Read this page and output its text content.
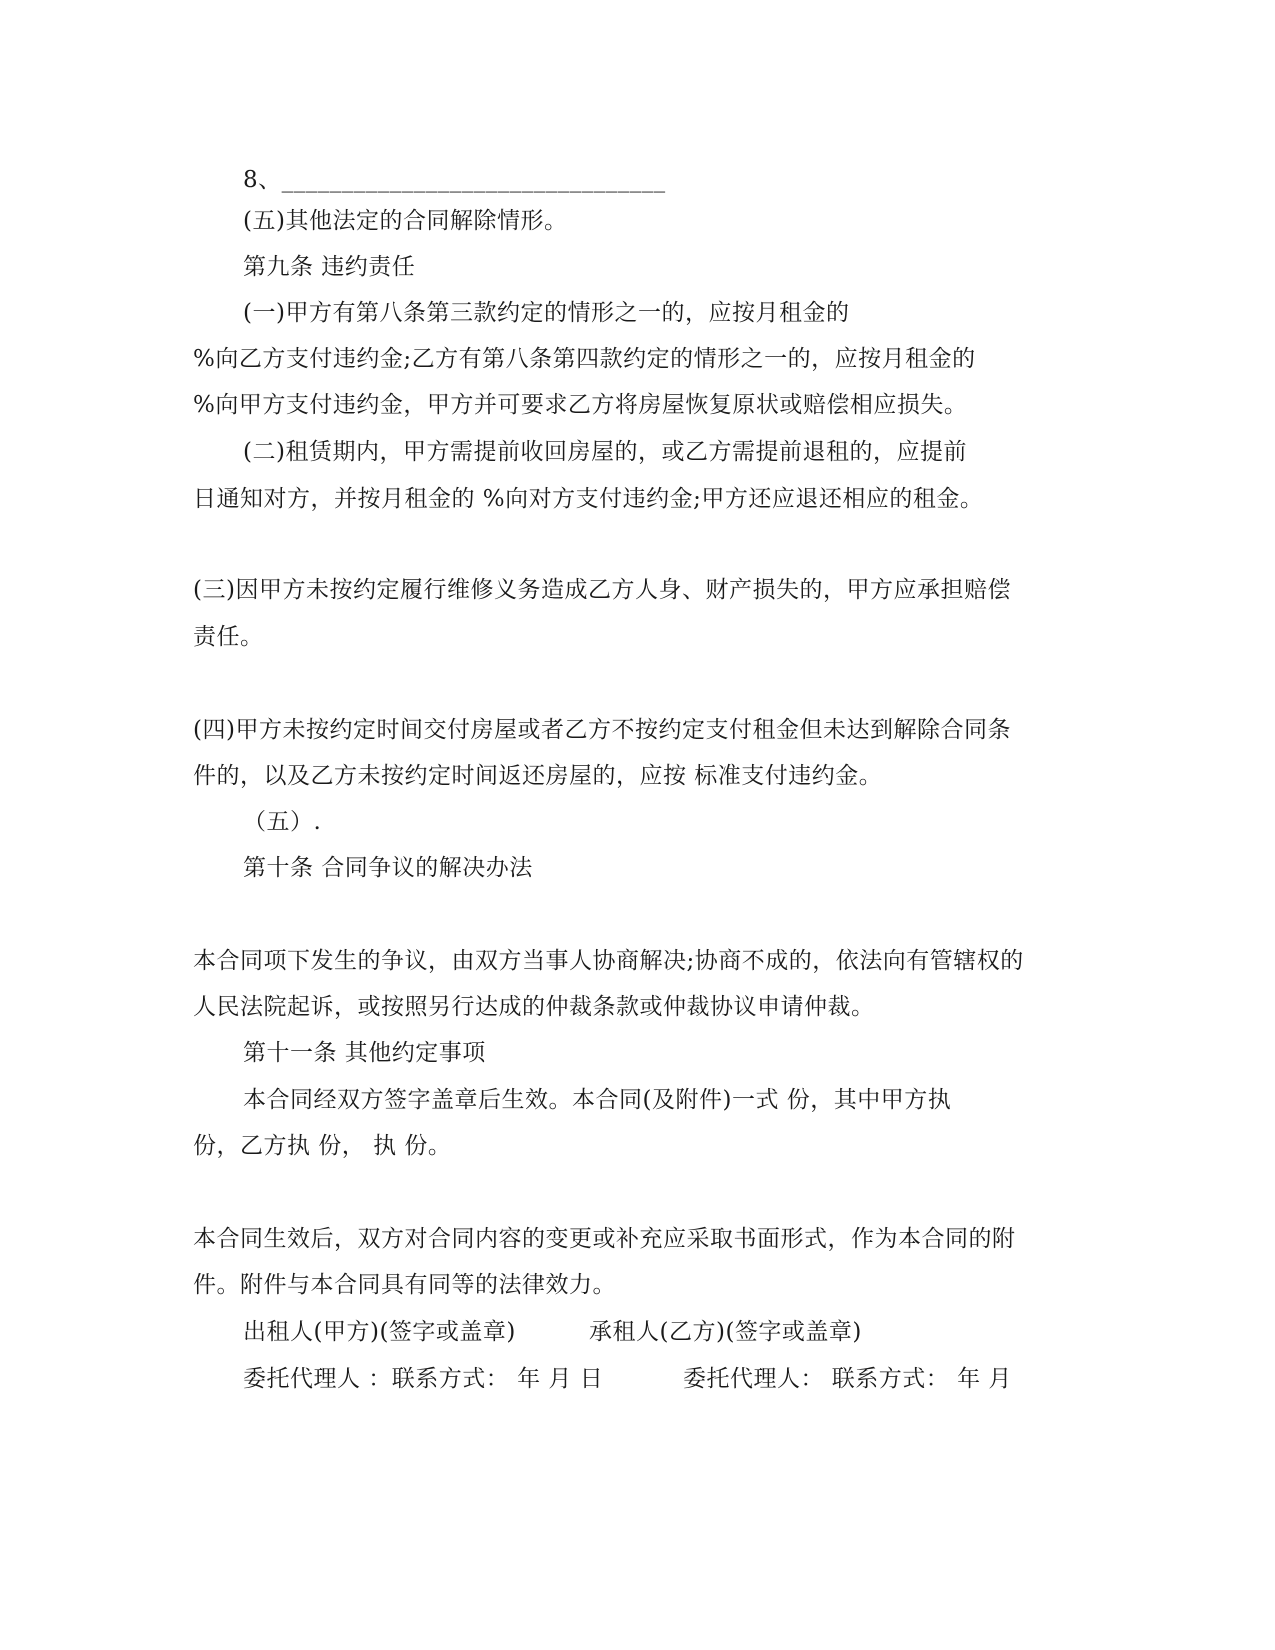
8、________________________________
(五)其他法定的合同解除情形。
第九条 违约责任
(一)甲方有第八条第三款约定的情形之一的，应按月租金的
%向乙方支付违约金;乙方有第八条第四款约定的情形之一的，应按月租金的
%向甲方支付违约金，甲方并可要求乙方将房屋恢复原状或赔偿相应损失。
(二)租赁期内，甲方需提前收回房屋的，或乙方需提前退租的，应提前
日通知对方，并按月租金的 %向对方支付违约金;甲方还应退还相应的租金。
(三)因甲方未按约定履行维修义务造成乙方人身、财产损失的，甲方应承担赔偿
责任。
(四)甲方未按约定时间交付房屋或者乙方不按约定支付租金但未达到解除合同条
件的，以及乙方未按约定时间返还房屋的，应按 标准支付违约金。
（五）.
第十条 合同争议的解决办法
本合同项下发生的争议，由双方当事人协商解决;协商不成的，依法向有管辖权的
人民法院起诉，或按照另行达成的仲裁条款或仲裁协议申请仲裁。
第十一条 其他约定事项
本合同经双方签字盖章后生效。本合同(及附件)一式 份，其中甲方执
份，乙方执 份， 执 份。
本合同生效后，双方对合同内容的变更或补充应采取书面形式，作为本合同的附
件。附件与本合同具有同等的法律效力。
出租人(甲方)(签字或盖章)	承租人(乙方)(签字或盖章)
委托代理人 ：联系方式： 年 月 日	委托代理人： 联系方式： 年 月
